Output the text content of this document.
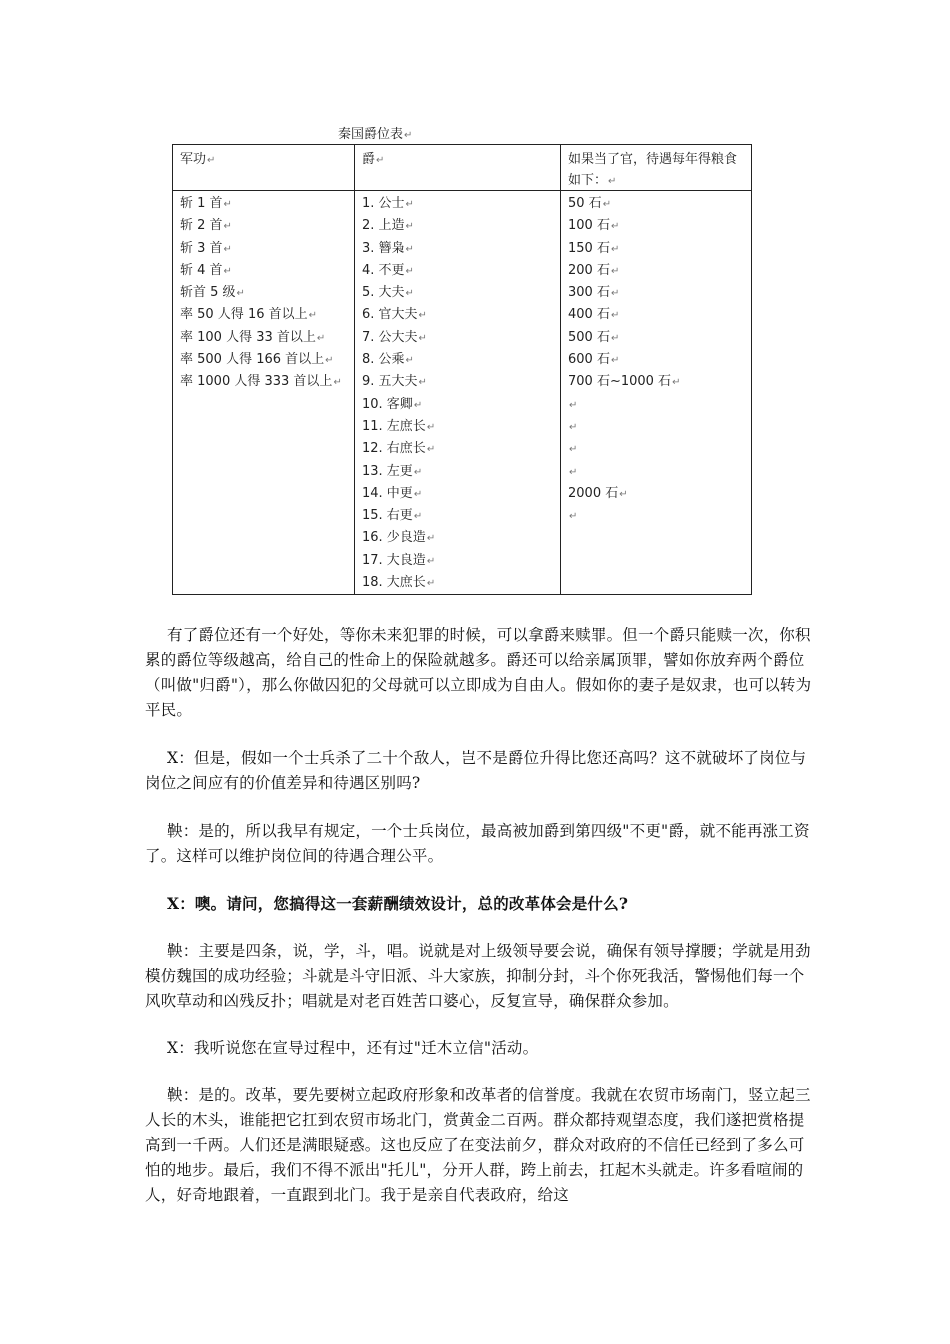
秦国爵位表↵
军功↵	爵↵	如果当了官，待遇每年得粮食如下：↵
斩 1 首↵
斩 2 首↵
斩 3 首↵
斩 4 首↵
斩首 5 级↵
率 50 人得 16 首以上↵
率 100 人得 33 首以上↵
率 500 人得 166 首以上↵
率 1000 人得 333 首以上↵
1. 公士↵
2. 上造↵
3. 簪枭↵
4. 不更↵
5. 大夫↵
6. 官大夫↵
7. 公大夫↵
8. 公乘↵
9. 五大夫↵
10. 客卿↵
11. 左庶长↵
12. 右庶长↵
13. 左更↵
14. 中更↵
15. 右更↵
16. 少良造↵
17. 大良造↵
18. 大庶长↵
50 石↵
100 石↵
150 石↵
200 石↵
300 石↵
400 石↵
500 石↵
600 石↵
700 石~1000 石↵
↵
↵
↵
↵
2000 石↵
↵

有了爵位还有一个好处，等你未来犯罪的时候，可以拿爵来赎罪。但一个爵只能赎一次，你积累的爵位等级越高，给自己的性命上的保险就越多。爵还可以给亲属顶罪，譬如你放弃两个爵位（叫做"归爵"），那么你做囚犯的父母就可以立即成为自由人。假如你的妻子是奴隶，也可以转为平民。

X：但是，假如一个士兵杀了二十个敌人，岂不是爵位升得比您还高吗？这不就破坏了岗位与岗位之间应有的价值差异和待遇区别吗?

鞅：是的，所以我早有规定，一个士兵岗位，最高被加爵到第四级"不更"爵，就不能再涨工资了。这样可以维护岗位间的待遇合理公平。

X：噢。请问，您搞得这一套薪酬绩效设计，总的改革体会是什么?

鞅：主要是四条，说，学，斗，唱。说就是对上级领导要会说，确保有领导撑腰；学就是用劲模仿魏国的成功经验；斗就是斗守旧派、斗大家族，抑制分封，斗个你死我活，警惕他们每一个风吹草动和凶残反扑；唱就是对老百姓苦口婆心，反复宣导，确保群众参加。

X：我听说您在宣导过程中，还有过"迁木立信"活动。

鞅：是的。改革，要先要树立起政府形象和改革者的信誉度。我就在农贸市场南门，竖立起三人长的木头，谁能把它扛到农贸市场北门，赏黄金二百两。群众都持观望态度，我们遂把赏格提高到一千两。人们还是满眼疑惑。这也反应了在变法前夕，群众对政府的不信任已经到了多么可怕的地步。最后，我们不得不派出"托儿"，分开人群，跨上前去，扛起木头就走。许多看喧闹的人，好奇地跟着，一直跟到北门。我于是亲自代表政府，给这
